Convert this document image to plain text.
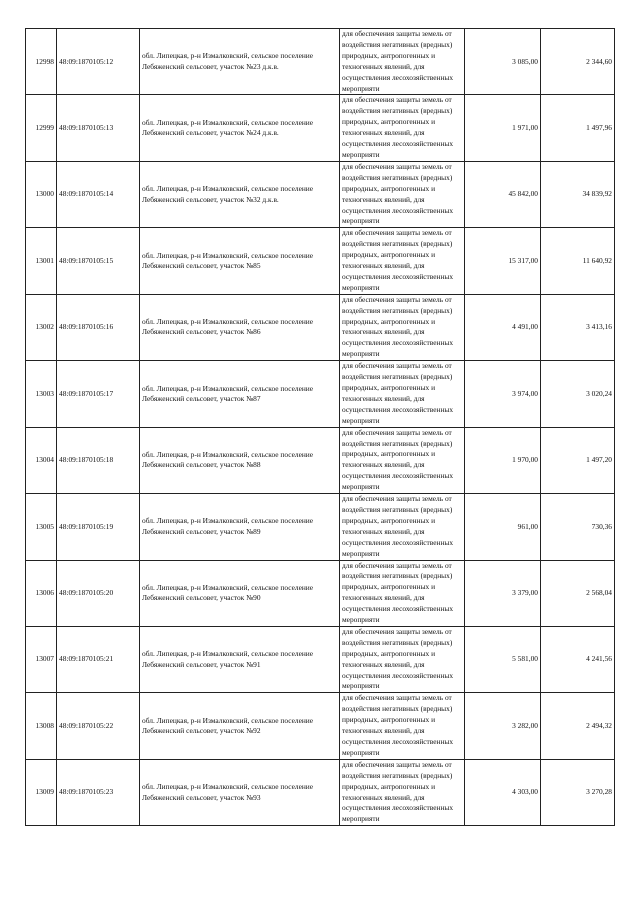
12998	48:09:1870105:12	обл. Липецкая, р-н Измалковский, сельское поселение Лебяженский сельсовет, участок №23 д.к.в.	для обеспечения защиты земель от воздействия негативных (вредных) природных, антропогенных и техногенных явлений, для осуществления лесохозяйственных мероприяти	3 085,00	2 344,60
12999	48:09:1870105:13	обл. Липецкая, р-н Измалковский, сельское поселение Лебяженский сельсовет, участок №24 д.к.в.	для обеспечения защиты земель от воздействия негативных (вредных) природных, антропогенных и техногенных явлений, для осуществления лесохозяйственных мероприяти	1 971,00	1 497,96
13000	48:09:1870105:14	обл. Липецкая, р-н Измалковский, сельское поселение Лебяженский сельсовет, участок №32 д.к.в.	для обеспечения защиты земель от воздействия негативных (вредных) природных, антропогенных и техногенных явлений, для осуществления лесохозяйственных мероприяти	45 842,00	34 839,92
13001	48:09:1870105:15	обл. Липецкая, р-н Измалковский, сельское поселение Лебяженский сельсовет, участок №85	для обеспечения защиты земель от воздействия негативных (вредных) природных, антропогенных и техногенных явлений, для осуществления лесохозяйственных мероприяти	15 317,00	11 640,92
13002	48:09:1870105:16	обл. Липецкая, р-н Измалковский, сельское поселение Лебяженский сельсовет, участок №86	для обеспечения защиты земель от воздействия негативных (вредных) природных, антропогенных и техногенных явлений, для осуществления лесохозяйственных мероприяти	4 491,00	3 413,16
13003	48:09:1870105:17	обл. Липецкая, р-н Измалковский, сельское поселение Лебяженский сельсовет, участок №87	для обеспечения защиты земель от воздействия негативных (вредных) природных, антропогенных и техногенных явлений, для осуществления лесохозяйственных мероприяти	3 974,00	3 020,24
13004	48:09:1870105:18	обл. Липецкая, р-н Измалковский, сельское поселение Лебяженский сельсовет, участок №88	для обеспечения защиты земель от воздействия негативных (вредных) природных, антропогенных и техногенных явлений, для осуществления лесохозяйственных мероприяти	1 970,00	1 497,20
13005	48:09:1870105:19	обл. Липецкая, р-н Измалковский, сельское поселение Лебяженский сельсовет, участок №89	для обеспечения защиты земель от воздействия негативных (вредных) природных, антропогенных и техногенных явлений, для осуществления лесохозяйственных мероприяти	961,00	730,36
13006	48:09:1870105:20	обл. Липецкая, р-н Измалковский, сельское поселение Лебяженский сельсовет, участок №90	для обеспечения защиты земель от воздействия негативных (вредных) природных, антропогенных и техногенных явлений, для осуществления лесохозяйственных мероприяти	3 379,00	2 568,04
13007	48:09:1870105:21	обл. Липецкая, р-н Измалковский, сельское поселение Лебяженский сельсовет, участок №91	для обеспечения защиты земель от воздействия негативных (вредных) природных, антропогенных и техногенных явлений, для осуществления лесохозяйственных мероприяти	5 581,00	4 241,56
13008	48:09:1870105:22	обл. Липецкая, р-н Измалковский, сельское поселение Лебяженский сельсовет, участок №92	для обеспечения защиты земель от воздействия негативных (вредных) природных, антропогенных и техногенных явлений, для осуществления лесохозяйственных мероприяти	3 282,00	2 494,32
13009	48:09:1870105:23	обл. Липецкая, р-н Измалковский, сельское поселение Лебяженский сельсовет, участок №93	для обеспечения защиты земель от воздействия негативных (вредных) природных, антропогенных и техногенных явлений, для осуществления лесохозяйственных мероприяти	4 303,00	3 270,28
